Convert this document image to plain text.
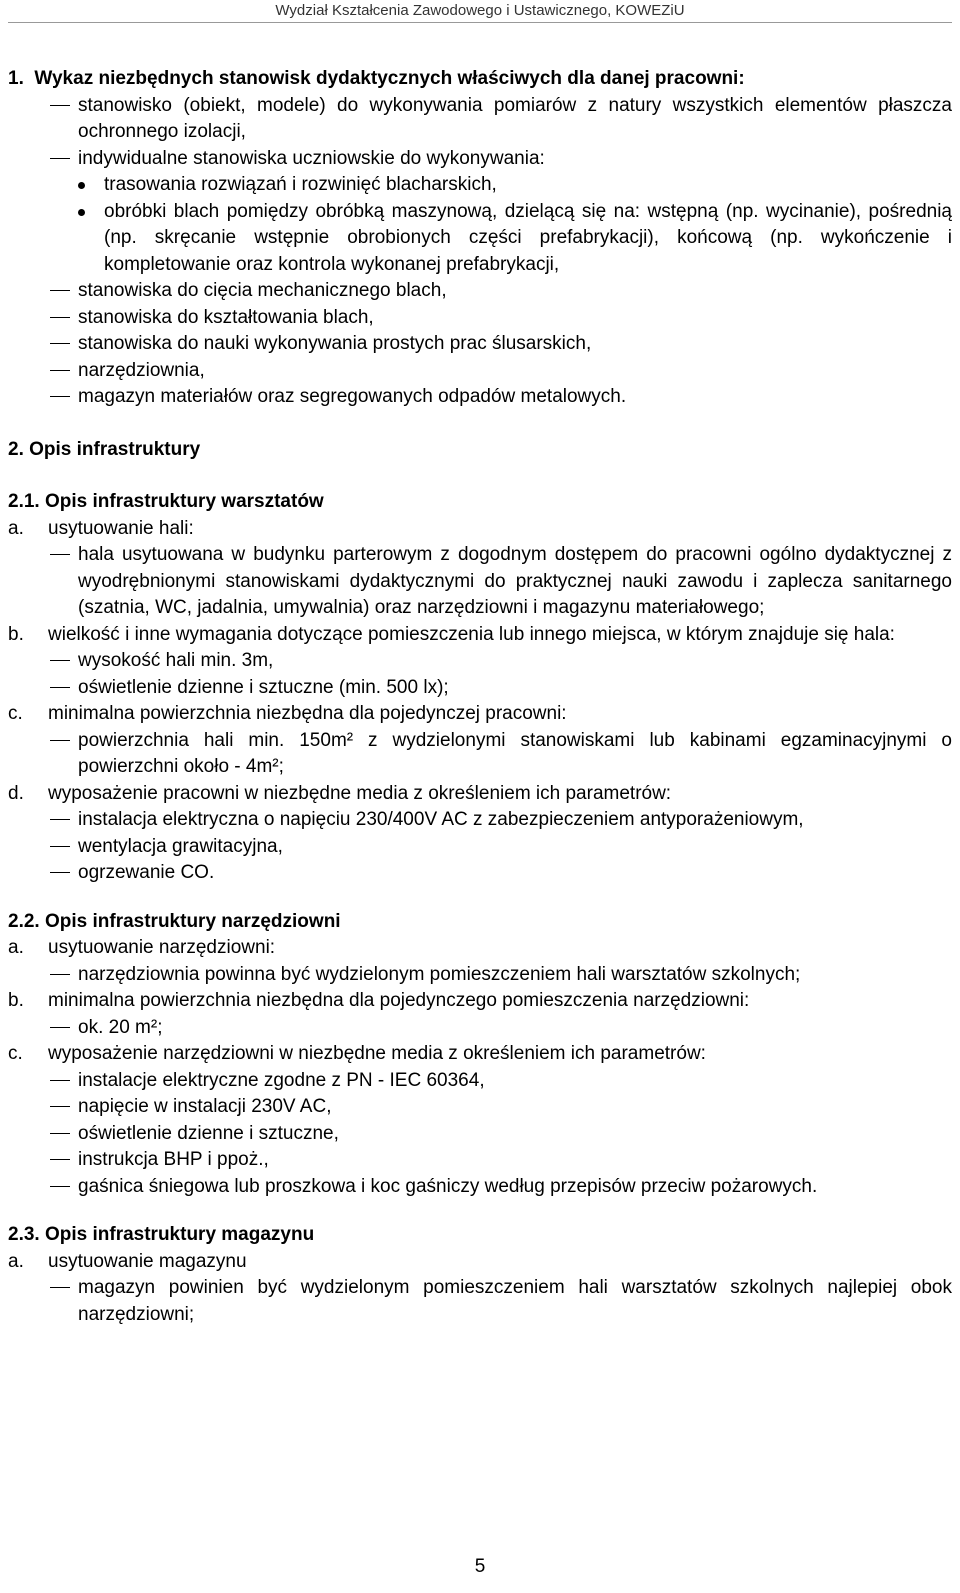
Wydział Kształcenia Zawodowego i Ustawicznego, KOWEZiU

1.  Wykaz niezbędnych stanowisk dydaktycznych właściwych dla danej pracowni:

stanowisko (obiekt, modele) do wykonywania pomiarów z natury wszystkich elementów płaszcza ochronnego izolacji,
indywidualne stanowiska uczniowskie do wykonywania:
trasowania rozwiązań i rozwinięć blacharskich,
obróbki blach pomiędzy obróbką maszynową, dzielącą się na: wstępną (np. wycinanie), pośrednią (np. skręcanie wstępnie obrobionych części prefabrykacji), końcową (np. wykończenie i kompletowanie oraz kontrola wykonanej prefabrykacji,
stanowiska do cięcia mechanicznego blach,
stanowiska do kształtowania blach,
stanowiska do nauki wykonywania prostych prac ślusarskich,
narzędziownia,
magazyn materiałów oraz segregowanych odpadów metalowych.

2. Opis infrastruktury

2.1. Opis infrastruktury warsztatów

a. usytuowanie hali:
hala usytuowana w budynku parterowym z dogodnym dostępem do pracowni ogólno dydaktycznej z wyodrębnionymi stanowiskami dydaktycznymi do praktycznej nauki zawodu i zaplecza sanitarnego (szatnia, WC, jadalnia, umywalnia) oraz narzędziowni i magazynu materiałowego;
b. wielkość i inne wymagania dotyczące pomieszczenia lub innego miejsca, w którym znajduje się hala:
wysokość hali min. 3m,
oświetlenie dzienne i sztuczne (min. 500 lx);
c. minimalna powierzchnia niezbędna dla pojedynczej pracowni:
powierzchnia hali min. 150m² z wydzielonymi stanowiskami lub kabinami egzaminacyjnymi o powierzchni około - 4m²;
d. wyposażenie pracowni w niezbędne media z określeniem ich parametrów:
instalacja elektryczna o napięciu 230/400V AC z zabezpieczeniem antyporażeniowym,
wentylacja grawitacyjna,
ogrzewanie CO.

2.2. Opis infrastruktury narzędziowni

a. usytuowanie narzędziowni:
narzędziownia powinna być wydzielonym pomieszczeniem hali warsztatów szkolnych;
b. minimalna powierzchnia niezbędna dla pojedynczego pomieszczenia narzędziowni:
ok. 20 m²;
c. wyposażenie narzędziowni w niezbędne media z określeniem ich parametrów:
instalacje elektryczne zgodne z PN - IEC 60364,
napięcie w instalacji 230V AC,
oświetlenie dzienne i sztuczne,
instrukcja BHP i ppoż.,
gaśnica śniegowa lub proszkowa i koc gaśniczy według przepisów przeciw pożarowych.

2.3. Opis infrastruktury magazynu

a. usytuowanie magazynu
magazyn powinien być wydzielonym pomieszczeniem hali warsztatów szkolnych najlepiej obok narzędziowni;
5
